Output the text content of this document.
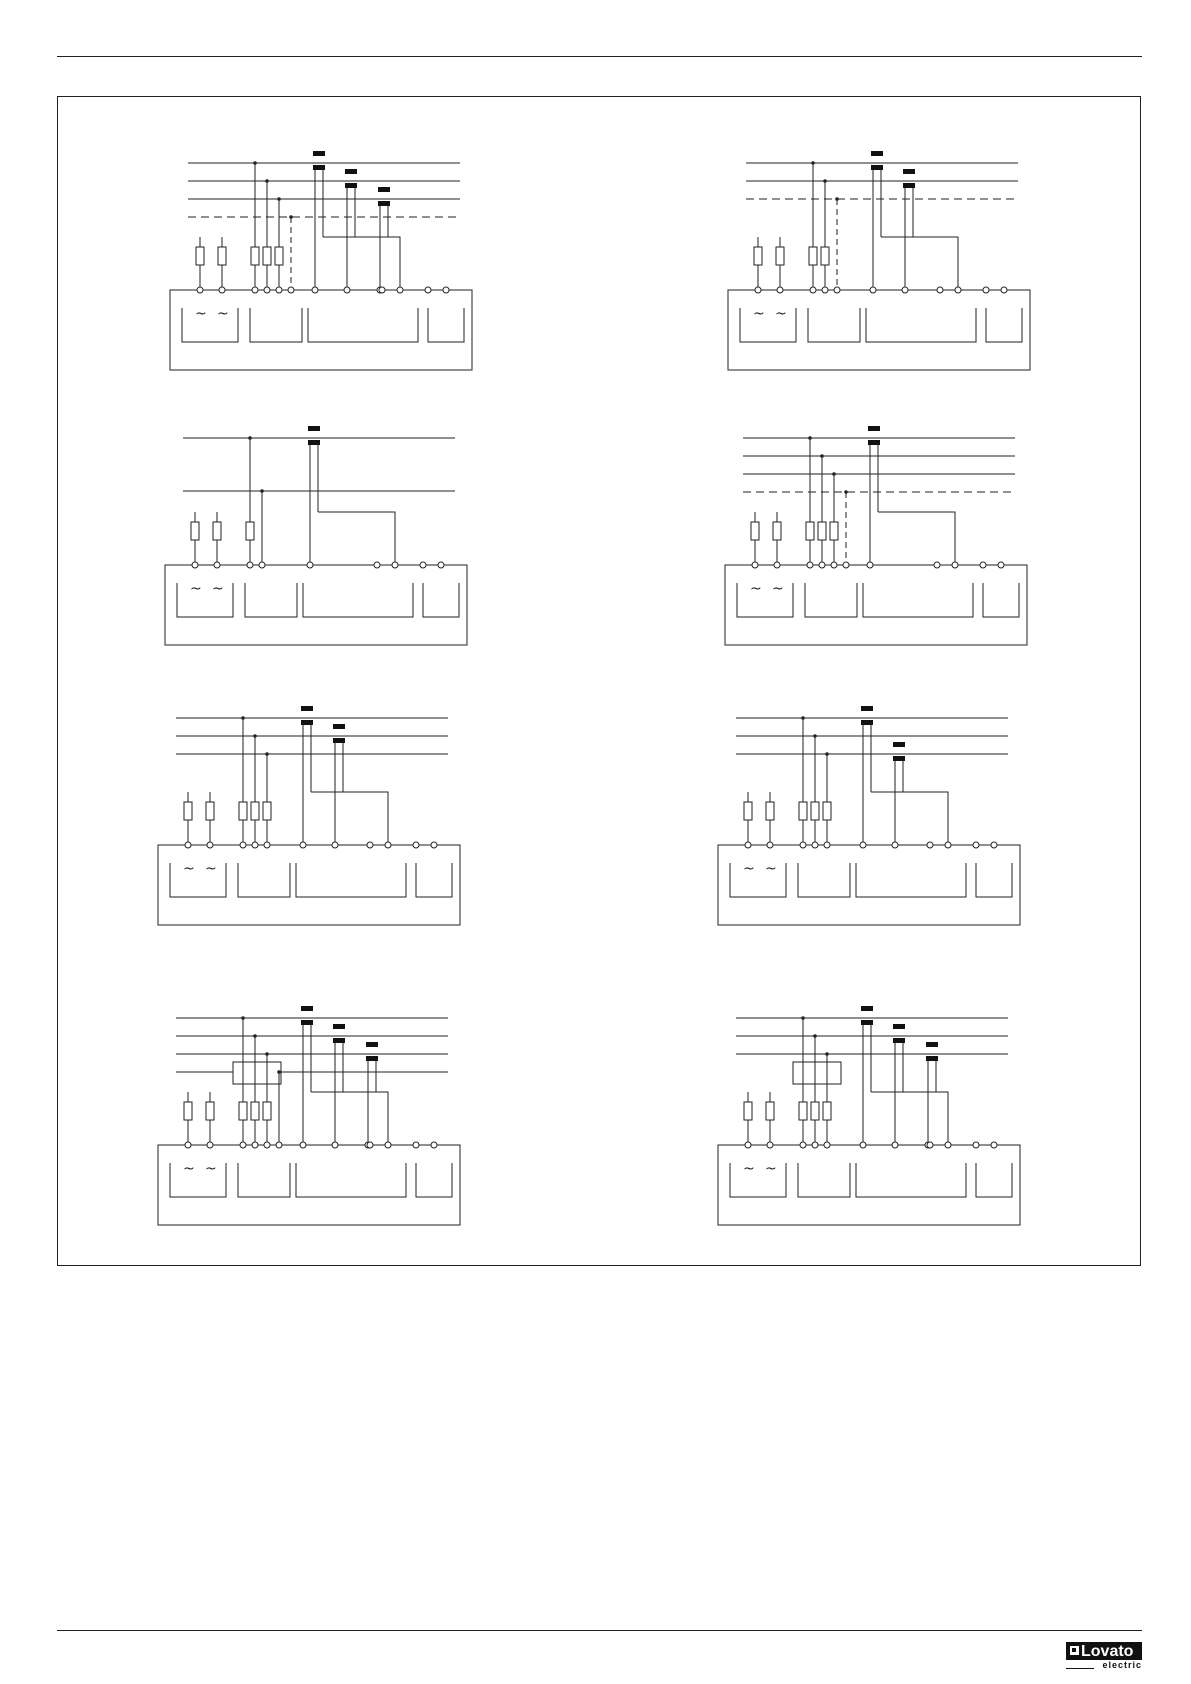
~ ~	~ ~
~ ~	~ ~
~ ~	~ ~
~ ~	~ ~
Lovato
electric
